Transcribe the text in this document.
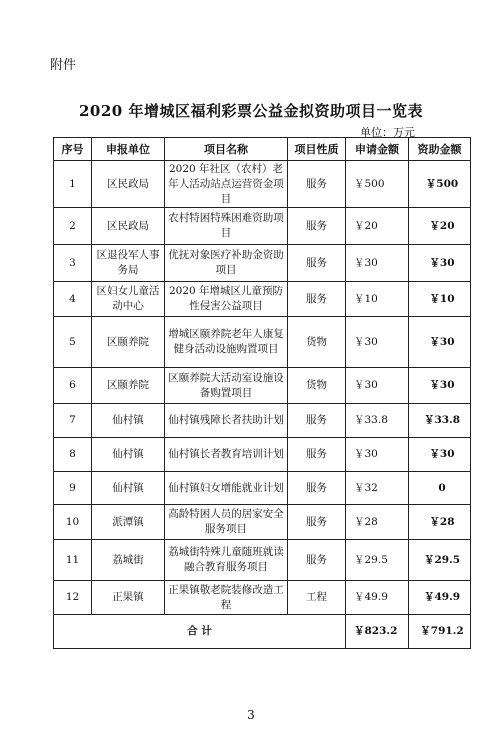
附件
2020 年增城区福利彩票公益金拟资助项目一览表
单位：万元
序号	申报单位	项目名称	项目性质	申请金额	资助金额
1	区民政局	2020 年社区（农村）老年人活动站点运营资金项目	服务	￥500	￥500
2	区民政局	农村特困特殊困难资助项目	服务	￥20	￥20
3	区退役军人事务局	优抚对象医疗补助金资助项目	服务	￥30	￥30
4	区妇女儿童活动中心	2020 年增城区儿童预防性侵害公益项目	服务	￥10	￥10
5	区颐养院	增城区颐养院老年人康复健身活动设施购置项目	货物	￥30	￥30
6	区颐养院	区颐养院大活动室设施设备购置项目	货物	￥30	￥30
7	仙村镇	仙村镇残障长者扶助计划	服务	￥33.8	￥33.8
8	仙村镇	仙村镇长者教育培训计划	服务	￥30	￥30
9	仙村镇	仙村镇妇女增能就业计划	服务	￥32	0
10	派潭镇	高龄特困人员的居家安全服务项目	服务	￥28	￥28
11	荔城街	荔城街特殊儿童随班就读融合教育服务项目	服务	￥29.5	￥29.5
12	正果镇	正果镇敬老院装修改造工程	工程	￥49.9	￥49.9
合 计				￥823.2	￥791.2
3
